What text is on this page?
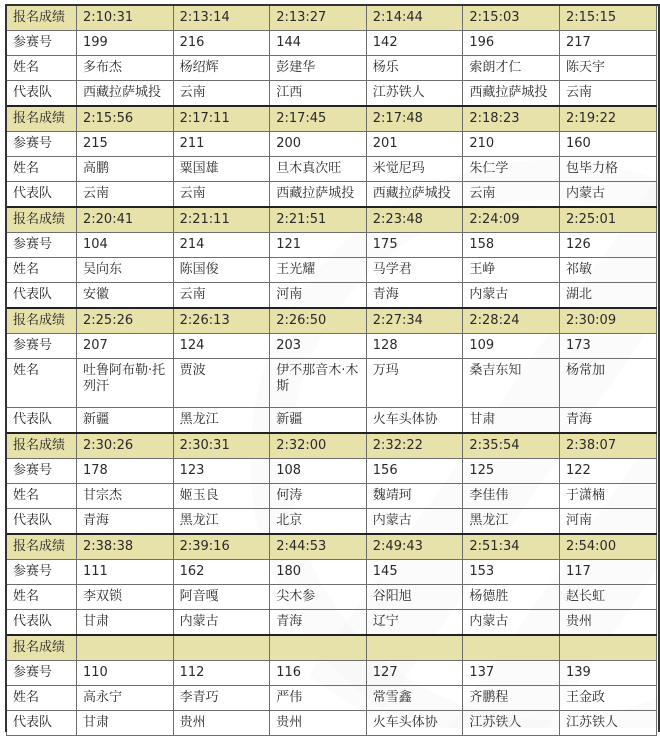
报名成绩	2:10:31	2:13:14	2:13:27	2:14:44	2:15:03	2:15:15
参赛号	199	216	144	142	196	217
姓名	多布杰	杨绍辉	彭建华	杨乐	索朗才仁	陈天宇
代表队	西藏拉萨城投	云南	江西	江苏铁人	西藏拉萨城投	云南
报名成绩	2:15:56	2:17:11	2:17:45	2:17:48	2:18:23	2:19:22
参赛号	215	211	200	201	210	160
姓名	高鹏	粟国雄	旦木真次旺	米觉尼玛	朱仁学	包毕力格
代表队	云南	云南	西藏拉萨城投	西藏拉萨城投	云南	内蒙古
报名成绩	2:20:41	2:21:11	2:21:51	2:23:48	2:24:09	2:25:01
参赛号	104	214	121	175	158	126
姓名	吴向东	陈国俊	王光耀	马学君	王峥	祁敏
代表队	安徽	云南	河南	青海	内蒙古	湖北
报名成绩	2:25:26	2:26:13	2:26:50	2:27:34	2:28:24	2:30:09
参赛号	207	124	203	128	109	173
姓名	吐鲁阿布勒·托列汗	贾波	伊不那音木·木斯	万玛	桑吉东知	杨常加
代表队	新疆	黑龙江	新疆	火车头体协	甘肃	青海
报名成绩	2:30:26	2:30:31	2:32:00	2:32:22	2:35:54	2:38:07
参赛号	178	123	108	156	125	122
姓名	甘宗杰	姬玉良	何涛	魏靖珂	李佳伟	于潇楠
代表队	青海	黑龙江	北京	内蒙古	黑龙江	河南
报名成绩	2:38:38	2:39:16	2:44:53	2:49:43	2:51:34	2:54:00
参赛号	111	162	180	145	153	117
姓名	李双锁	阿音嘎	尖木参	谷阳旭	杨德胜	赵长虹
代表队	甘肃	内蒙古	青海	辽宁	内蒙古	贵州
报名成绩						
参赛号	110	112	116	127	137	139
姓名	高永宁	李青巧	严伟	常雪鑫	齐鹏程	王金政
代表队	甘肃	贵州	贵州	火车头体协	江苏铁人	江苏铁人
